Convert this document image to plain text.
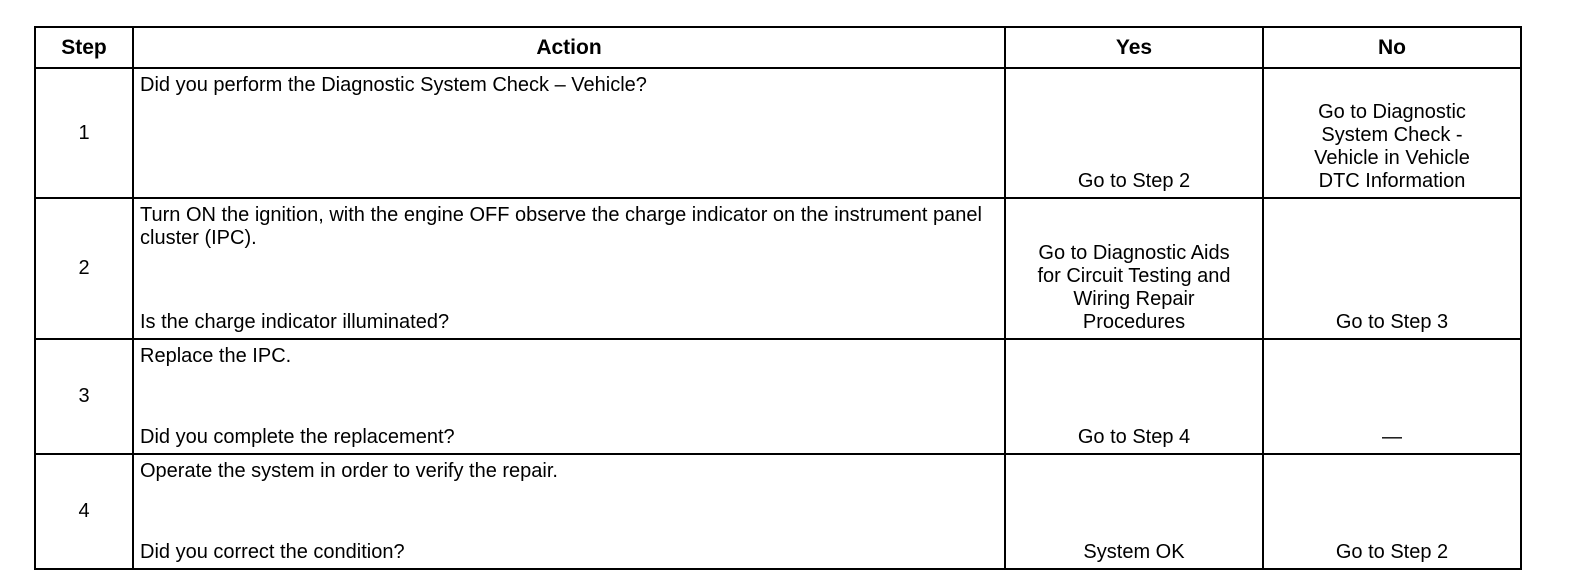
Step	Action	Yes	No
1	Did you perform the Diagnostic System Check – Vehicle?	Go to Step 2	Go to Diagnostic
System Check -
Vehicle in Vehicle
DTC Information
2	Turn ON the ignition, with the engine OFF observe the charge indicator on the instrument panel cluster (IPC).
Is the charge indicator illuminated?	Go to Diagnostic Aids
for Circuit Testing and
Wiring Repair
Procedures	Go to Step 3
3	Replace the IPC.
Did you complete the replacement?	Go to Step 4	—
4	Operate the system in order to verify the repair.
Did you correct the condition?	System OK	Go to Step 2
